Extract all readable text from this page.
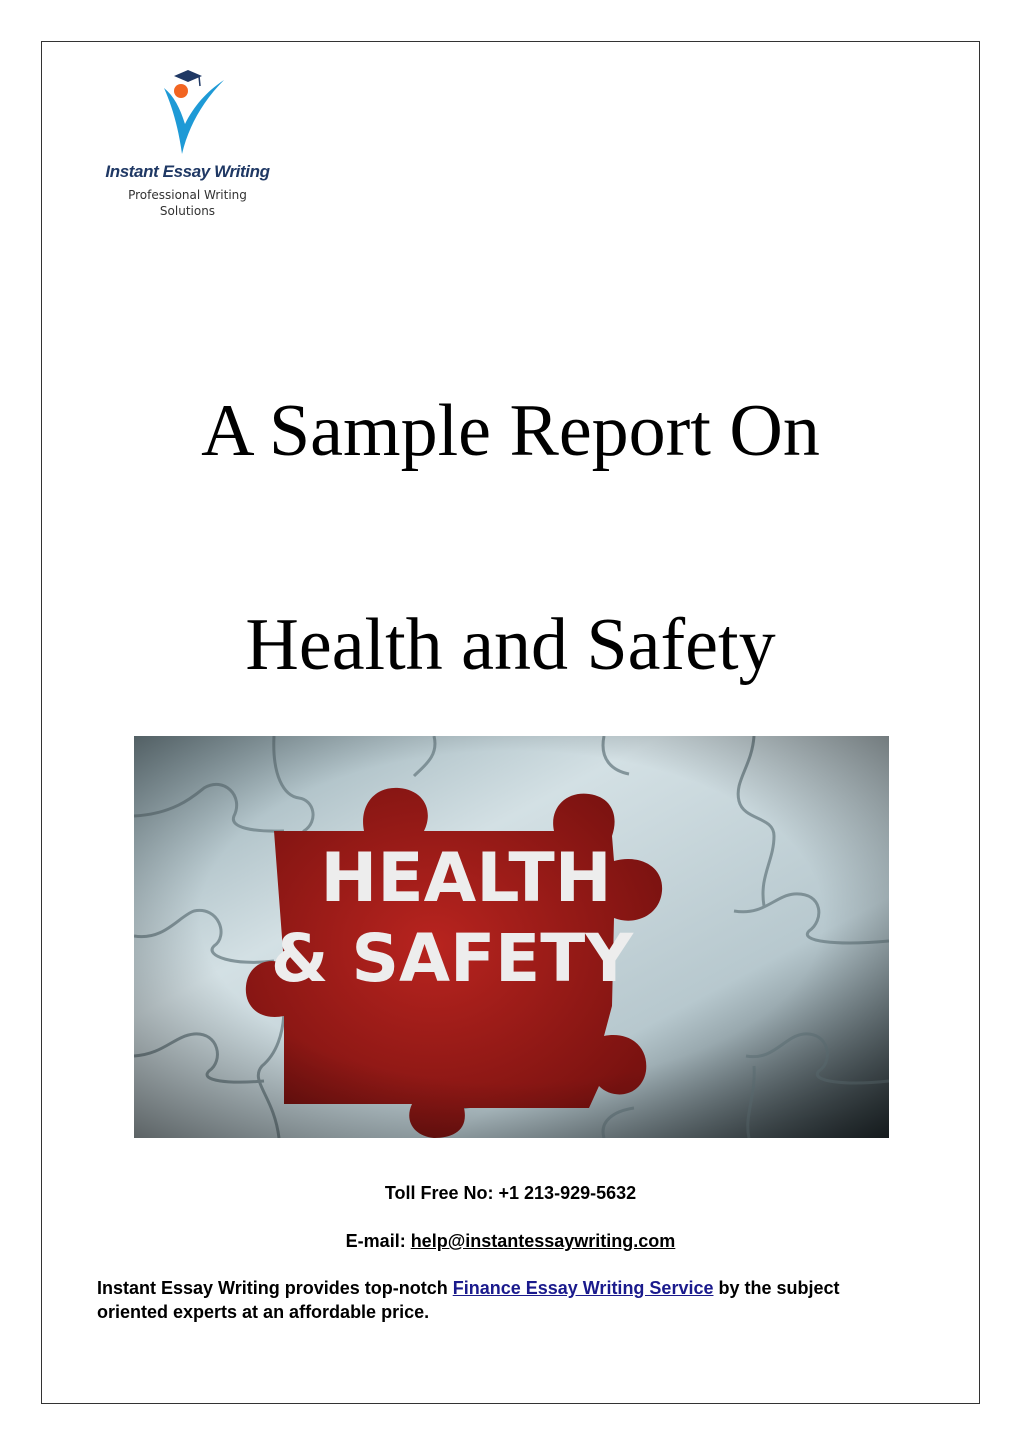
Instant Essay Writing
Professional Writing
Solutions
A Sample Report On
Health and Safety
Toll Free No: +1 213-929-5632
E-mail: help@instantessaywriting.com
Instant Essay Writing provides top-notch Finance Essay Writing Service by the subject oriented experts at an affordable price.
